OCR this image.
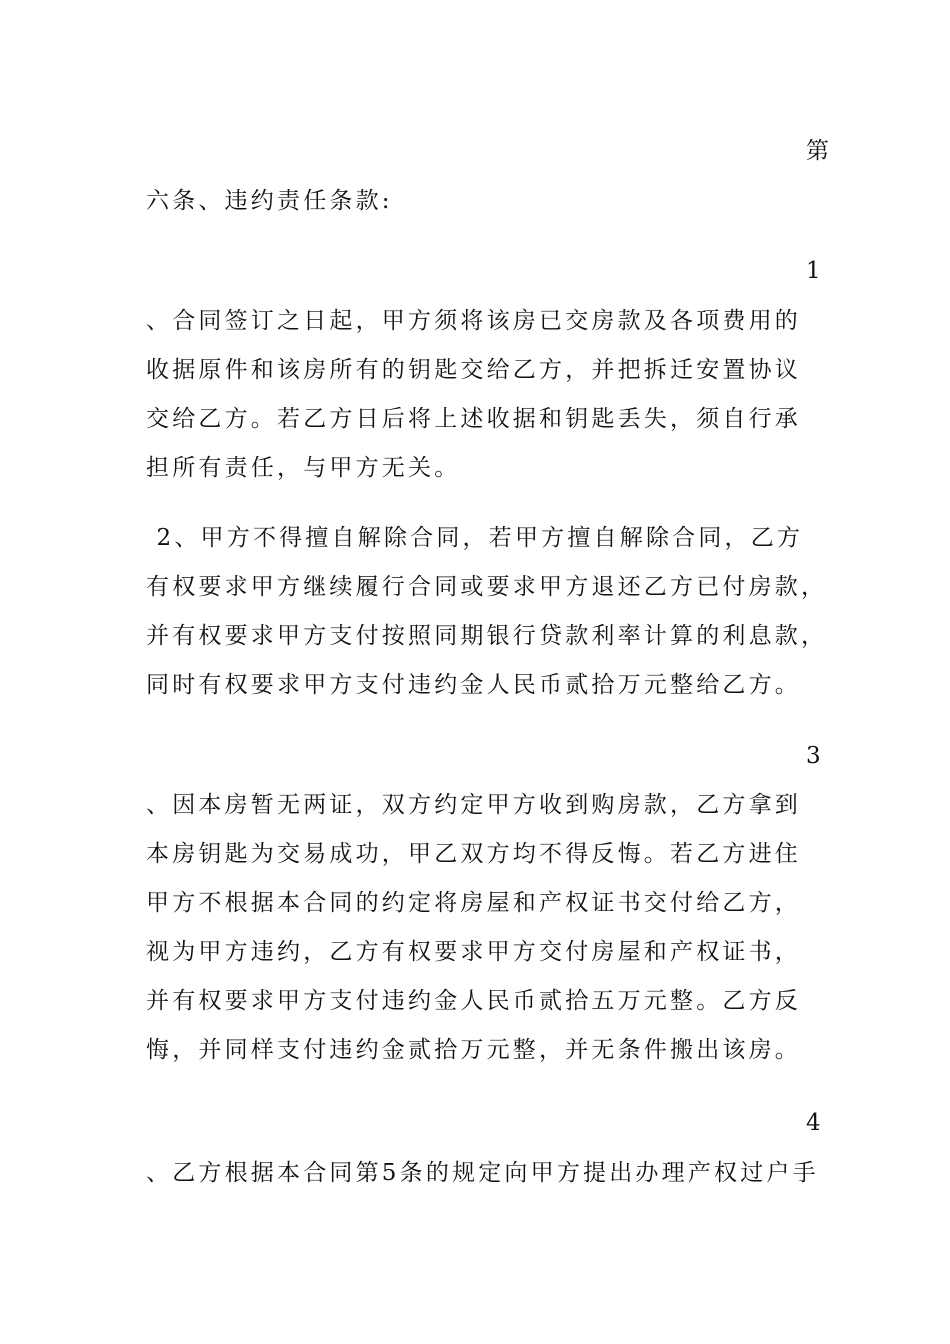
第
六条、违约责任条款:
1
、合同签订之日起，甲方须将该房已交房款及各项费用的
收据原件和该房所有的钥匙交给乙方，并把拆迁安置协议
交给乙方。若乙方日后将上述收据和钥匙丢失，须自行承
担所有责任，与甲方无关。
2、甲方不得擅自解除合同，若甲方擅自解除合同，乙方
有权要求甲方继续履行合同或要求甲方退还乙方已付房款，
并有权要求甲方支付按照同期银行贷款利率计算的利息款，
同时有权要求甲方支付违约金人民币贰拾万元整给乙方。
3
、因本房暂无两证，双方约定甲方收到购房款，乙方拿到
本房钥匙为交易成功，甲乙双方均不得反悔。若乙方进住
甲方不根据本合同的约定将房屋和产权证书交付给乙方，
视为甲方违约，乙方有权要求甲方交付房屋和产权证书，
并有权要求甲方支付违约金人民币贰拾五万元整。乙方反
悔，并同样支付违约金贰拾万元整，并无条件搬出该房。
4
、乙方根据本合同第5条的规定向甲方提出办理产权过户手
